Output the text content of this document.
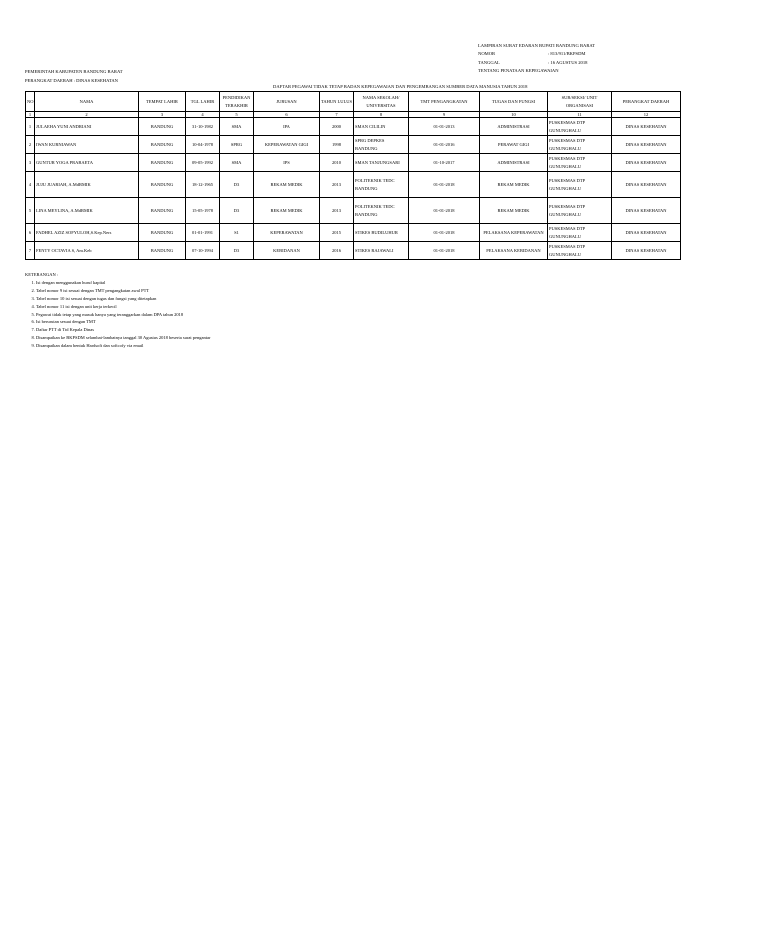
LAMPIRAN SURAT EDARAN BUPATI BANDUNG BARAT
NOMOR	: 813/911/BKPSDM
TANGGAL	: 16 AGUSTUS 2018
TENTANG PENATAAN KEPEGAWAIAN
PEMERINTAH KABUPATEN BANDUNG BARAT
PERANGKAT DAERAH : DINAS KESEHATAN
DAFTAR PEGAWAI TIDAK TETAP BADAN KEPEGAWAIAN DAN PENGEMBANGAN SUMBER DATA MANUSIA TAHUN 2018
NO	NAMA	TEMPAT LAHIR	TGL LAHIR	PENDIDIKAN TERAKHIR	JURUSAN	TAHUN LULUS	NAMA SEKOLAH/ UNIVERSITAS	TMT PENGANGKATAN	TUGAS DAN FUNGSI	SUB/SEKSI/ UNIT ORGANISASI	PERANGKAT DAERAH
1	2	3	4	5	6	7	8	9	10	11	12
1	JULAEHA YUNI ANDRIANI	BANDUNG	31-10-1982	SMA	IPA	2000	SMAN CILILIN	01-01-2013	ADMINISTRASI	PUSKESMAS DTP GUNUNGHALU	DINAS KESEHATAN
2	IWAN KURNIAWAN	BANDUNG	10-04-1978	SPRG	KEPERAWATAN GIGI	1998	SPRG DEPKES BANDUNG	01-01-2016	PERAWAT GIGI	PUSKESMAS DTP GUNUNGHALU	DINAS KESEHATAN
3	GUNTUR YOGA PRABAETA	BANDUNG	09-05-1992	SMA	IPS	2010	SMAN TANJUNGSARI	01-10-2017	ADMINISTRASI	PUSKESMAS DTP GUNUNGHALU	DINAS KESEHATAN
4	JUJU JUARIAH, A.MdRMIK	BANDUNG	18-12-1965	D3	REKAM MEDIK	2013	POLITEKNIK TEDC BANDUNG	01-01-2018	REKAM MEDIK	PUSKESMAS DTP GUNUNGHALU	DINAS KESEHATAN
5	LINA MEYLINA, A.MdRMIK	BANDUNG	15-05-1978	D3	REKAM MEDIK	2013	POLITEKNIK TEDC BANDUNG	01-01-2018	REKAM MEDIK	PUSKESMAS DTP GUNUNGHALU	DINAS KESEHATAN
6	FADHEL AZIZ SOFYULOH,S.Kep.Ners	BANDUNG	01-01-1991	S1	KEPERAWATAN	2015	STIKES BUDILUHUR	01-01-2018	PELAKSANA KEPERAWATAN	PUSKESMAS DTP GUNUNGHALU	DINAS KESEHATAN
7	FENTY OCTAVIA S, Am.Keb	BANDUNG	07-10-1994	D3	KEBIDANAN	2016	STIKES RAJAWALI	01-01-2018	PELAKSANA KEBIDANAN	PUSKESMAS DTP GUNUNGHALU	DINAS KESEHATAN
KETERANGAN :
1. Isi dengan menggunakan huruf kapital
2. Tabel nomor 9 isi sesuai dengan TMT pengangkatan awal PTT
3. Tabel nomor 10 isi sesuai dengan tugas dan fungsi yang ditetapkan
4. Tabel nomor 11 isi dengan unit kerja terkecil
5. Pegawai tidak tetap yang masuk hanya yang teranggarkan dalam DPA tahun 2018
6. Isi berurutan sesuai dengan TMT
7. Daftar PTT di Ttd Kepala Dinas
8. Disampaikan ke BKPSDM selambat-lambatnya tanggal 30 Agustus 2018 beserta surat pengantar
9. Disampaikan dalam bentuk Hardsoft dan softcofy via email
